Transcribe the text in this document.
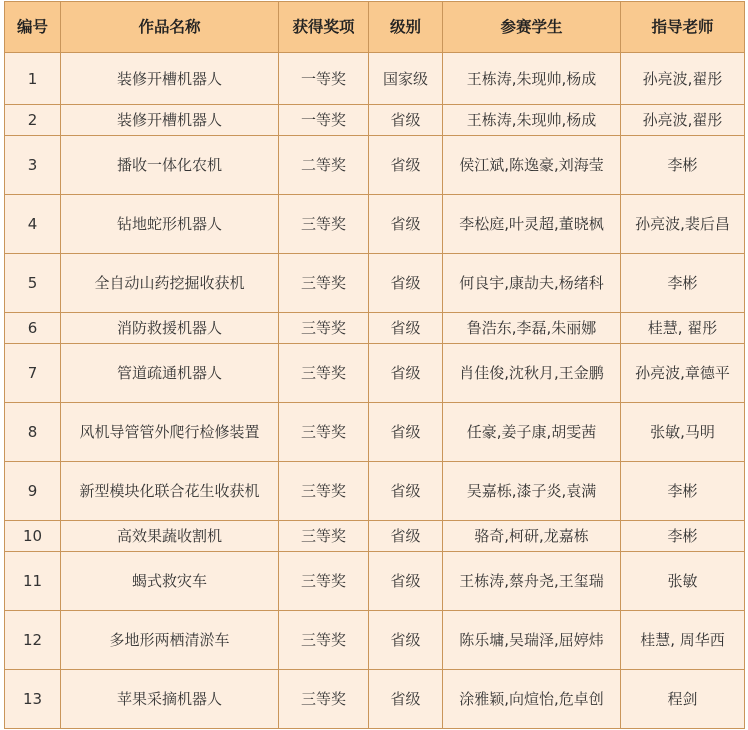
编号	作品名称	获得奖项	级别	参赛学生	指导老师
1	装修开槽机器人	一等奖	国家级	王栋涛,朱现帅,杨成	孙亮波,翟彤
2	装修开槽机器人	一等奖	省级	王栋涛,朱现帅,杨成	孙亮波,翟彤
3	播收一体化农机	二等奖	省级	侯江斌,陈逸豪,刘海莹	李彬
4	钻地蛇形机器人	三等奖	省级	李松庭,叶灵超,董晓枫	孙亮波,裴后昌
5	全自动山药挖掘收获机	三等奖	省级	何良宇,康劼夫,杨绪科	李彬
6	消防救援机器人	三等奖	省级	鲁浩东,李磊,朱丽娜	桂慧, 翟彤
7	管道疏通机器人	三等奖	省级	肖佳俊,沈秋月,王金鹏	孙亮波,章德平
8	风机导管管外爬行检修装置	三等奖	省级	任豪,姜子康,胡雯茜	张敏,马明
9	新型模块化联合花生收获机	三等奖	省级	吴嘉栎,漆子炎,袁满	李彬
10	高效果蔬收割机	三等奖	省级	骆奇,柯研,龙嘉栋	李彬
11	蝎式救灾车	三等奖	省级	王栋涛,蔡舟尧,王玺瑞	张敏
12	多地形两栖清淤车	三等奖	省级	陈乐墉,吴瑞泽,屈婷炜	桂慧, 周华西
13	苹果采摘机器人	三等奖	省级	涂雅颖,向煊怡,危卓创	程剑
